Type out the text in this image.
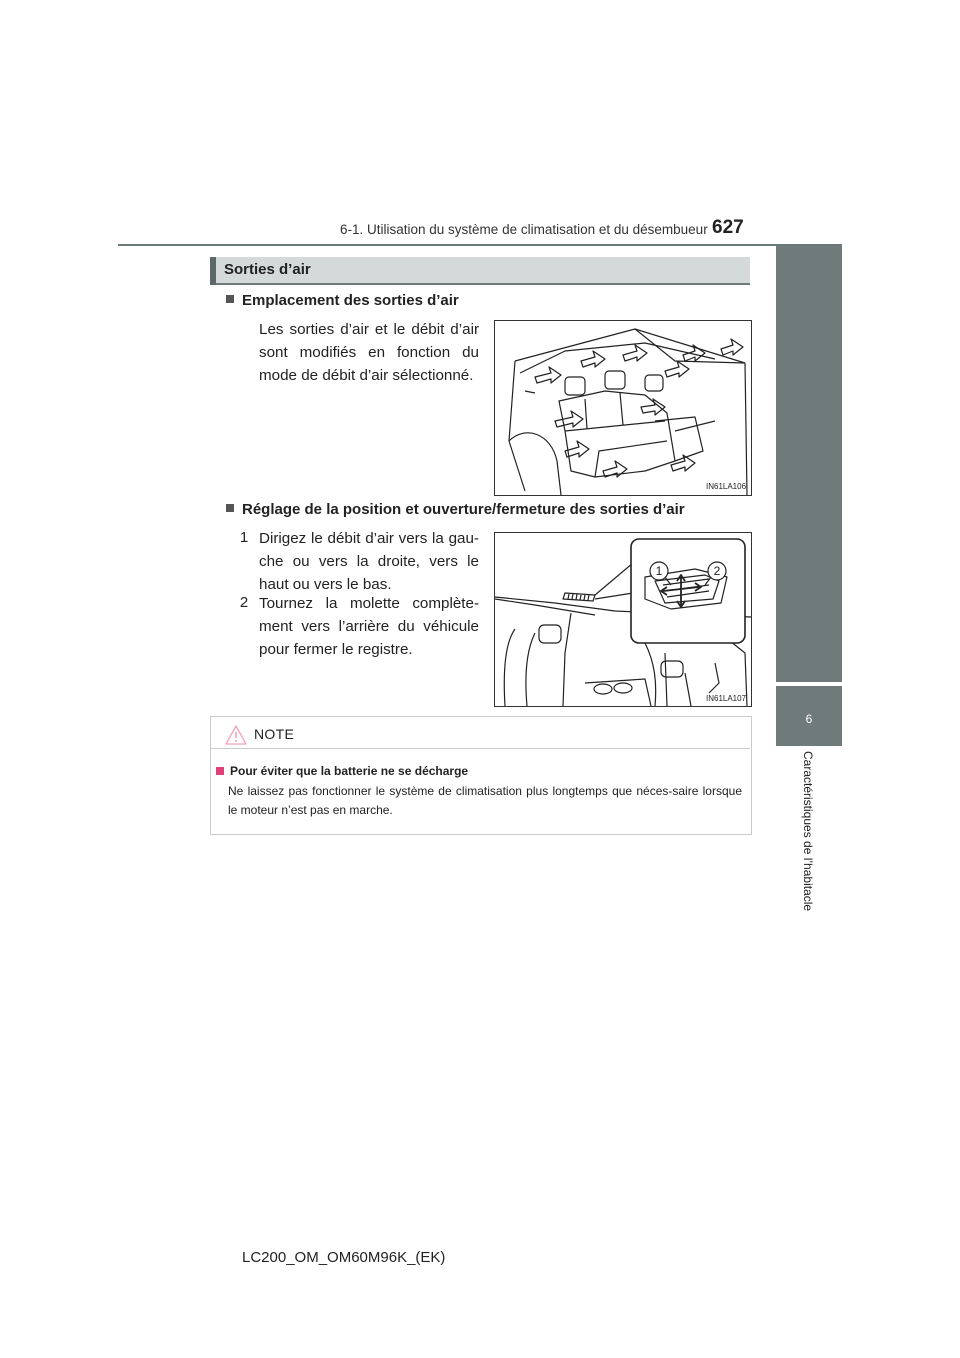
6-1. Utilisation du système de climatisation et du désembueur 627
6
Caractéristiques de l’habitacle
Sorties d’air
Emplacement des sorties d’air
Les sorties d’air et le débit d’air sont modifiés en fonction du mode de débit d’air sélectionné.
IN61LA106
Réglage de la position et ouverture/fermeture des sorties d’air
1 Dirigez le débit d’air vers la gau-che ou vers la droite, vers le haut ou vers le bas.
2 Tournez la molette complète-ment vers l’arrière du véhicule pour fermer le registre.
1	2
IN61LA107
NOTE
Pour éviter que la batterie ne se décharge
Ne laissez pas fonctionner le système de climatisation plus longtemps que néces-saire lorsque le moteur n’est pas en marche.
LC200_OM_OM60M96K_(EK)
